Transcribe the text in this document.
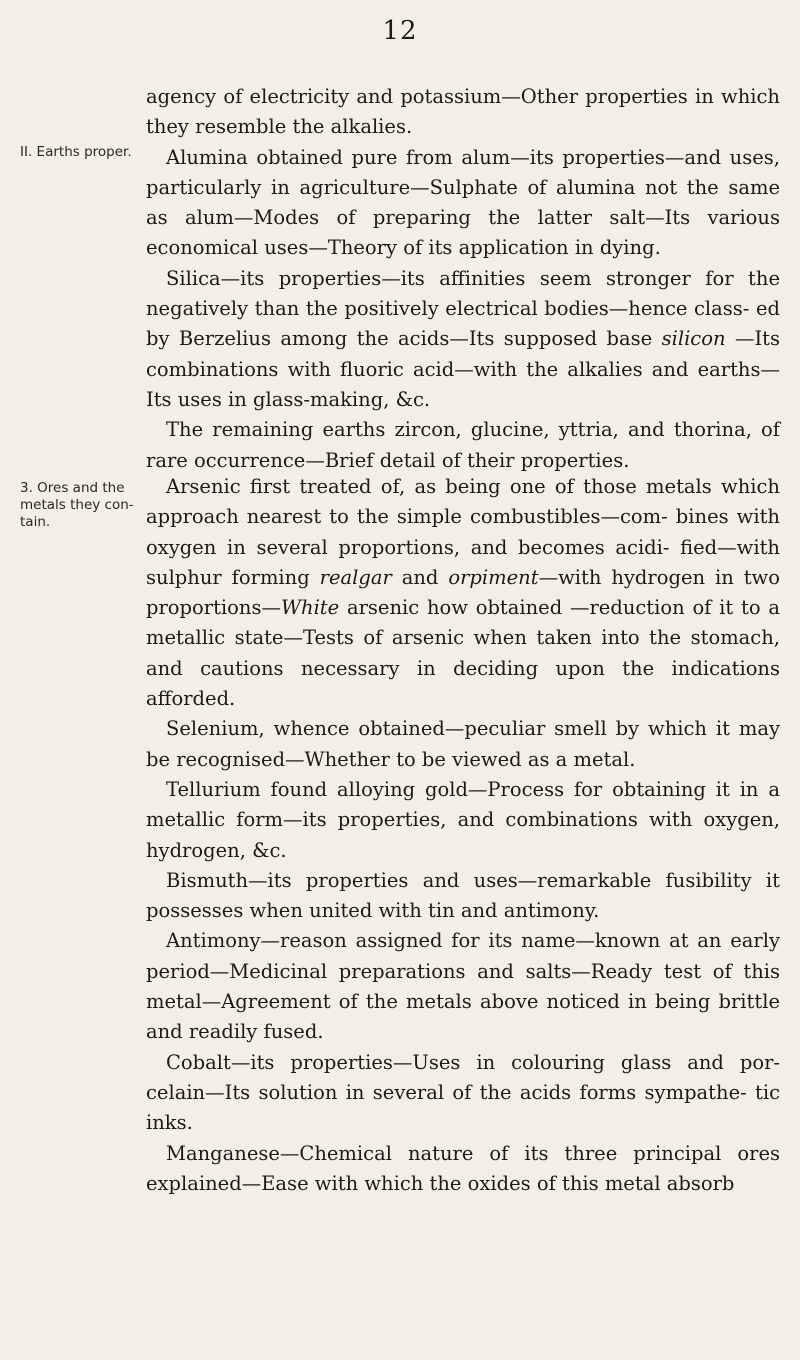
12
II. Earths proper.
3. Ores and the metals they con- tain.

agency of electricity and potassium—Other properties in which they resemble the alkalies.

Alumina obtained pure from alum—its properties—and uses, particularly in agriculture—Sulphate of alumina not the same as alum—Modes of preparing the latter salt—Its various economical uses—Theory of its application in dying.

Silica—its properties—its affinities seem stronger for the negatively than the positively electrical bodies—hence class- ed by Berzelius among the acids—Its supposed base silicon —Its combinations with fluoric acid—with the alkalies and earths—Its uses in glass-making, &c.

The remaining earths zircon, glucine, yttria, and thorina, of rare occurrence—Brief detail of their properties.

Arsenic first treated of, as being one of those metals which approach nearest to the simple combustibles—com- bines with oxygen in several proportions, and becomes acidi- fied—with sulphur forming realgar and orpiment—with hydrogen in two proportions—White arsenic how obtained —reduction of it to a metallic state—Tests of arsenic when taken into the stomach, and cautions necessary in deciding upon the indications afforded.

Selenium, whence obtained—peculiar smell by which it may be recognised—Whether to be viewed as a metal.

Tellurium found alloying gold—Process for obtaining it in a metallic form—its properties, and combinations with oxygen, hydrogen, &c.

Bismuth—its properties and uses—remarkable fusibility it possesses when united with tin and antimony.

Antimony—reason assigned for its name—known at an early period—Medicinal preparations and salts—Ready test of this metal—Agreement of the metals above noticed in being brittle and readily fused.

Cobalt—its properties—Uses in colouring glass and por- celain—Its solution in several of the acids forms sympathe- tic inks.

Manganese—Chemical nature of its three principal ores explained—Ease with which the oxides of this metal absorb
